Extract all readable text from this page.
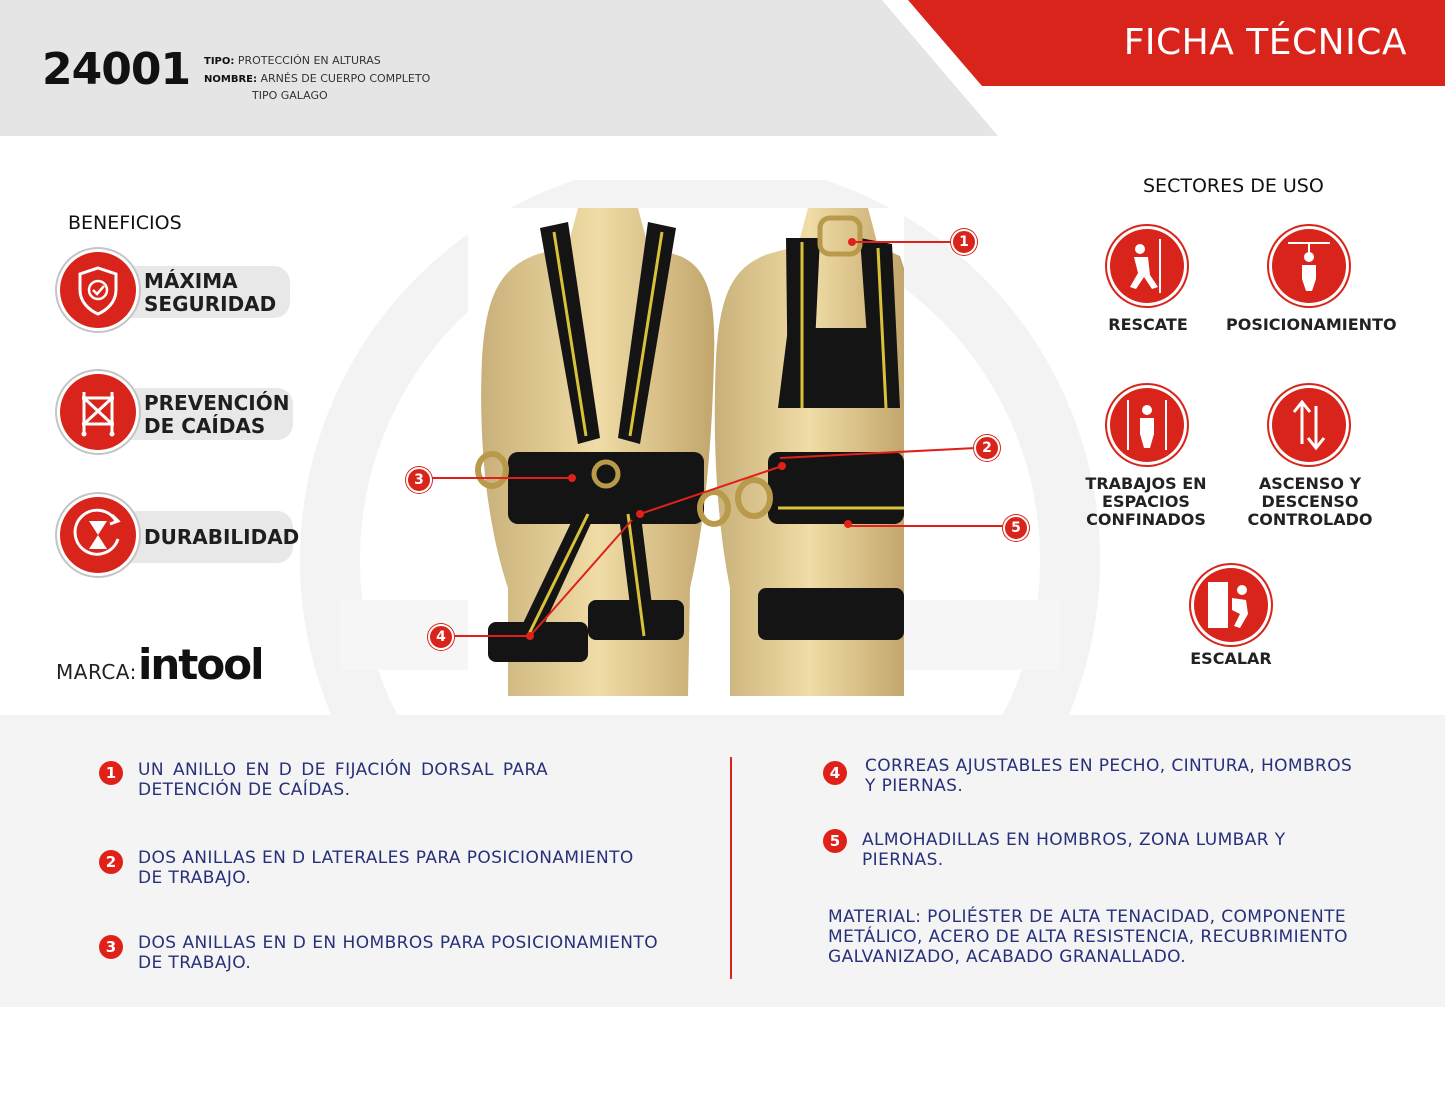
24001 TIPO: PROTECCIÓN EN ALTURAS
NOMBRE: ARNÉS DE CUERPO COMPLETO
TIPO GALAGO
FICHA TÉCNICA
BENEFICIOS
MÁXIMA
SEGURIDAD
PREVENCIÓN
DE CAÍDAS
DURABILIDAD
MARCA: intool
1
2
3
4
5
SECTORES DE USO
RESCATE	POSICIONAMIENTO
TRABAJOS EN
ESPACIOS
CONFINADOS
ASCENSO Y
DESCENSO
CONTROLADO
ESCALAR
1	UN ANILLO EN D DE FIJACIÓN DORSAL PARA
DETENCIÓN DE CAÍDAS.
2	DOS ANILLAS EN D LATERALES PARA POSICIONAMIENTO
DE TRABAJO.
3	DOS ANILLAS EN D EN HOMBROS PARA POSICIONAMIENTO
DE TRABAJO.
4	CORREAS AJUSTABLES EN PECHO, CINTURA, HOMBROS
Y PIERNAS.
5	ALMOHADILLAS EN HOMBROS, ZONA LUMBAR Y
PIERNAS.
MATERIAL: POLIÉSTER DE ALTA TENACIDAD, COMPONENTE
METÁLICO, ACERO DE ALTA RESISTENCIA, RECUBRIMIENTO
GALVANIZADO, ACABADO GRANALLADO.
